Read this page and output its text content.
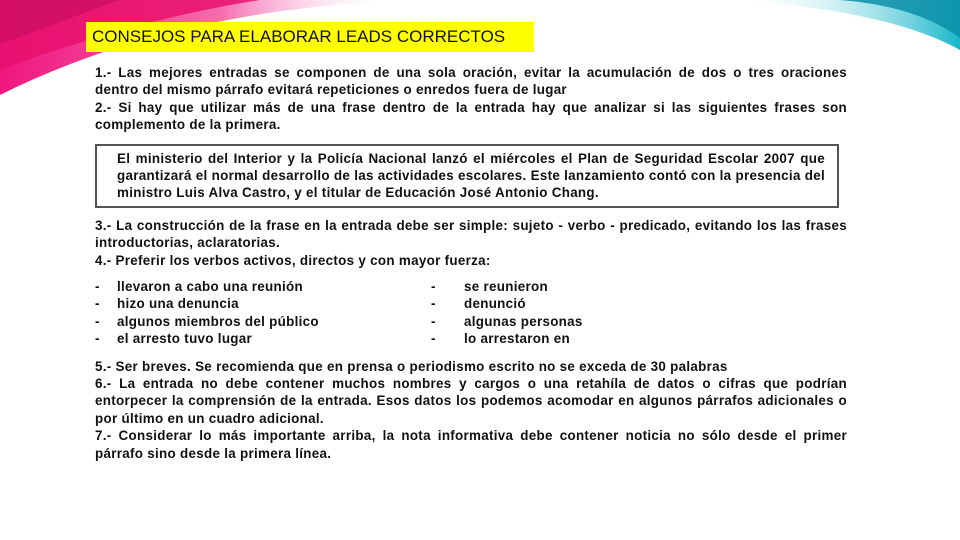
CONSEJOS PARA ELABORAR LEADS CORRECTOS

1.- Las mejores entradas se componen de una sola oración, evitar la acumulación de dos o tres oraciones dentro del mismo párrafo evitará repeticiones o enredos fuera de lugar

2.- Si hay que utilizar más de una frase dentro de la entrada hay que analizar si las siguientes frases son complemento de la primera.

El ministerio del Interior y la Policía Nacional lanzó el miércoles el Plan de Seguridad Escolar 2007 que garantizará el normal desarrollo de las actividades escolares. Este lanzamiento contó con la presencia del ministro Luis Alva Castro, y el titular de Educación José Antonio Chang.

3.- La construcción de la frase en la entrada debe ser simple: sujeto - verbo - predicado, evitando los las frases introductorias, aclaratorias.

4.- Preferir los verbos activos, directos y con mayor fuerza:

-	llevaron a cabo una reunión	-	se reunieron
-	hizo una denuncia	-	denunció
-	algunos miembros del público	-	algunas personas
-	el arresto tuvo lugar	-	lo arrestaron en

5.- Ser breves. Se recomienda que en prensa o periodismo escrito no se exceda de 30 palabras

6.- La entrada no debe contener muchos nombres y cargos o una retahíla de datos o cifras que podrían entorpecer la comprensión de la entrada. Esos datos los podemos acomodar en algunos párrafos adicionales o por último en un cuadro adicional.

7.- Considerar lo más importante arriba, la nota informativa debe contener noticia no sólo desde el primer párrafo sino desde la primera línea.
